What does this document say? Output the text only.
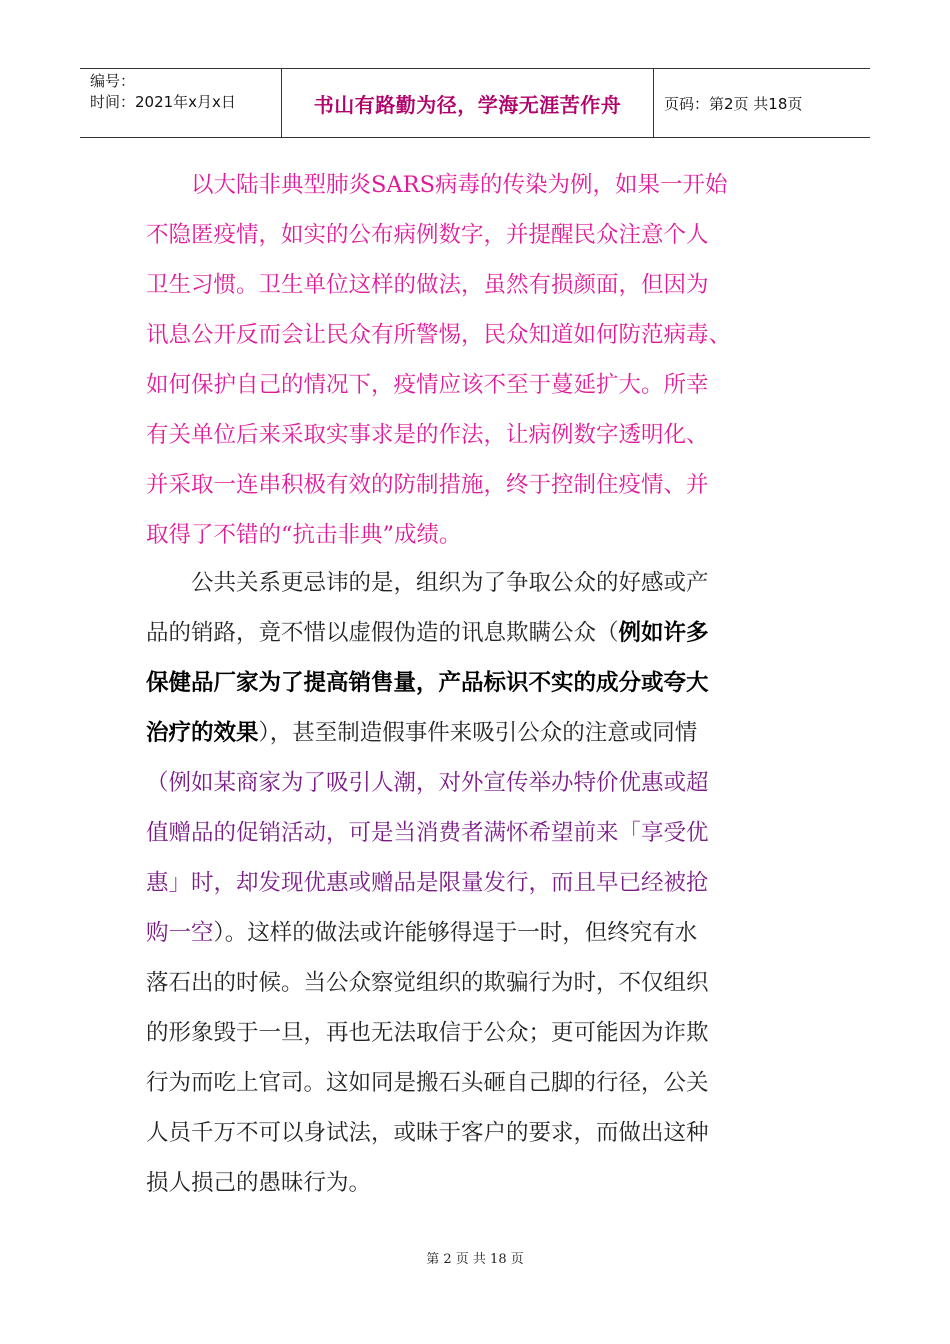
编号：
时间：2021年x月x日	书山有路勤为径，学海无涯苦作舟	页码：第2页 共18页
以大陆非典型肺炎SARS病毒的传染为例，如果一开始
不隐匿疫情，如实的公布病例数字，并提醒民众注意个人
卫生习惯。卫生单位这样的做法，虽然有损颜面，但因为
讯息公开反而会让民众有所警惕，民众知道如何防范病毒、
如何保护自己的情况下，疫情应该不至于蔓延扩大。所幸
有关单位后来采取实事求是的作法，让病例数字透明化、
并采取一连串积极有效的防制措施，终于控制住疫情、并
取得了不错的“抗击非典”成绩。
公共关系更忌讳的是，组织为了争取公众的好感或产
品的销路，竟不惜以虚假伪造的讯息欺瞒公众（例如许多
保健品厂家为了提高销售量，产品标识不实的成分或夸大
治疗的效果），甚至制造假事件来吸引公众的注意或同情
（例如某商家为了吸引人潮，对外宣传举办特价优惠或超
值赠品的促销活动，可是当消费者满怀希望前来「享受优
惠」时，却发现优惠或赠品是限量发行，而且早已经被抢
购一空）。这样的做法或许能够得逞于一时，但终究有水
落石出的时候。当公众察觉组织的欺骗行为时，不仅组织
的形象毁于一旦，再也无法取信于公众；更可能因为诈欺
行为而吃上官司。这如同是搬石头砸自己脚的行径，公关
人员千万不可以身试法，或昧于客户的要求，而做出这种
损人损己的愚昧行为。
第 2 页 共 18 页
